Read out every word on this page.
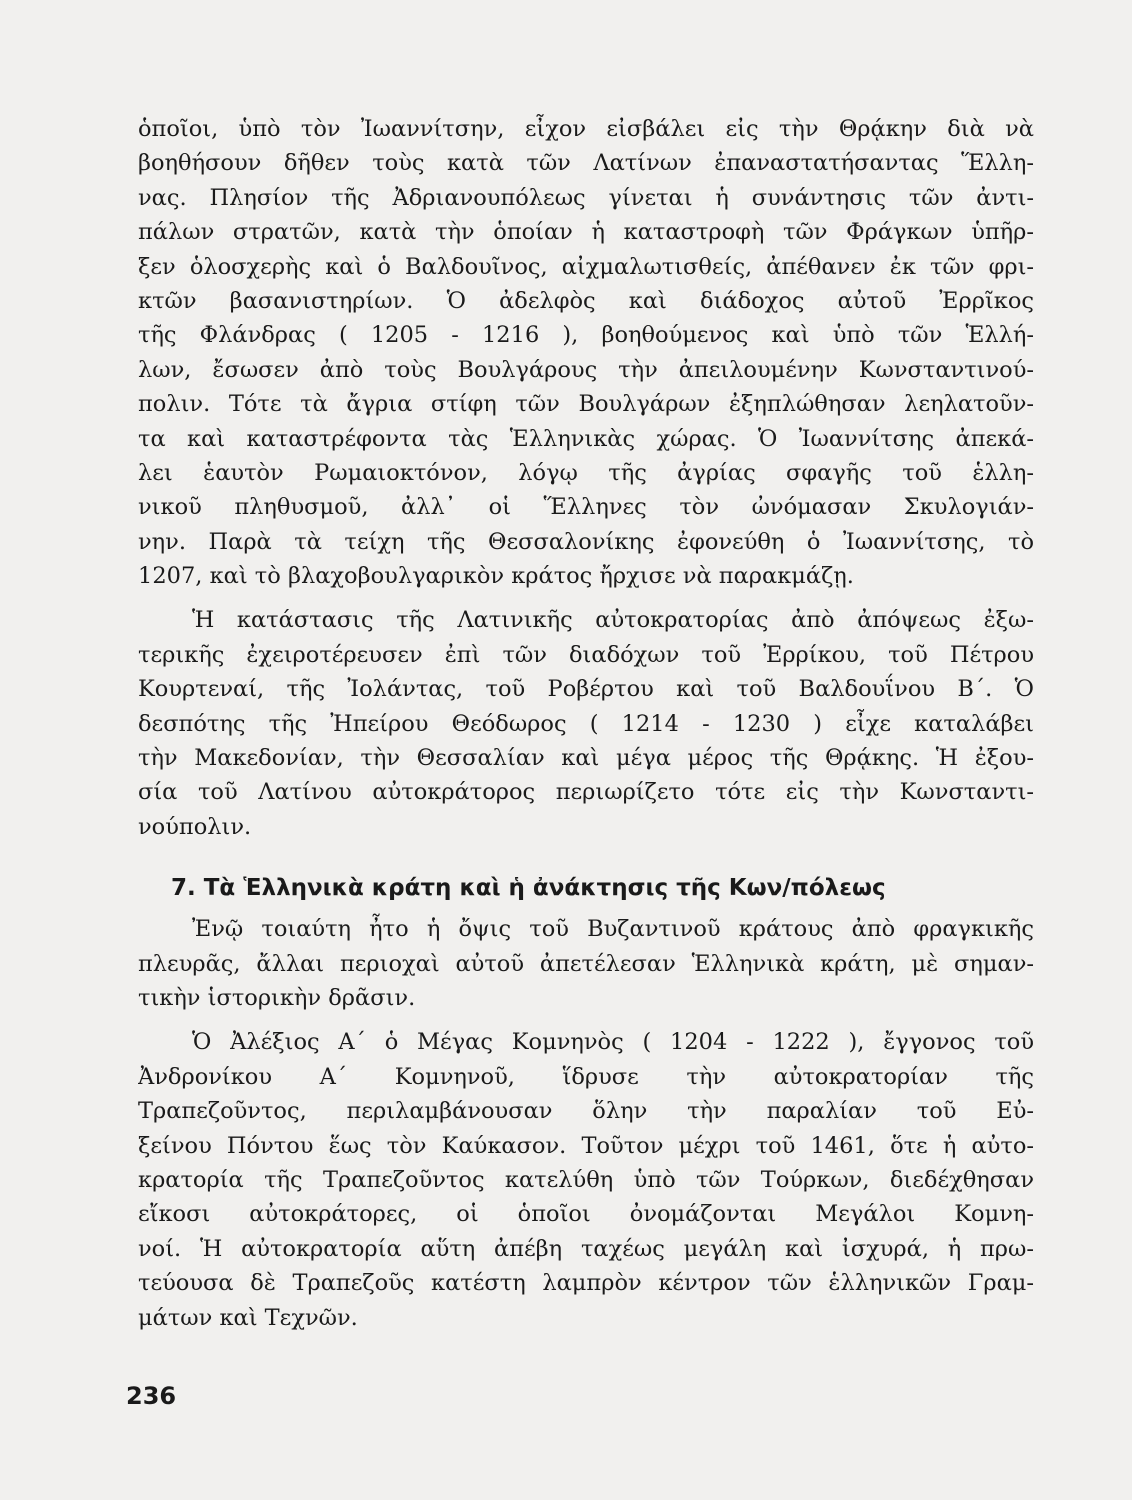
ὁποῖοι, ὑπὸ τὸν Ἰωαννίτσην, εἶχον εἰσβάλει εἰς τὴν Θρᾴκην διὰ νὰ
βοηθήσουν δῆθεν τοὺς κατὰ τῶν Λατίνων ἐπαναστατήσαντας Ἕλλη-
νας. Πλησίον τῆς Ἀδριανουπόλεως γίνεται ἡ συνάντησις τῶν ἀντι-
πάλων στρατῶν, κατὰ τὴν ὁποίαν ἡ καταστροφὴ τῶν Φράγκων ὑπῆρ-
ξεν ὁλοσχερὴς καὶ ὁ Βαλδουῖνος, αἰχμαλωτισθείς, ἀπέθανεν ἐκ τῶν φρι-
κτῶν βασανιστηρίων. Ὁ ἀδελφὸς καὶ διάδοχος αὐτοῦ Ἐρρῖκος
τῆς Φλάνδρας ( 1205 - 1216 ), βοηθούμενος καὶ ὑπὸ τῶν Ἑλλή-
λων, ἔσωσεν ἀπὸ τοὺς Βουλγάρους τὴν ἀπειλουμένην Κωνσταντινού-
πολιν. Τότε τὰ ἄγρια στίφη τῶν Βουλγάρων ἐξηπλώθησαν λεηλατοῦν-
τα καὶ καταστρέφοντα τὰς Ἑλληνικὰς χώρας. Ὁ Ἰωαννίτσης ἀπεκά-
λει ἑαυτὸν Ρωμαιοκτόνον, λόγῳ τῆς ἀγρίας σφαγῆς τοῦ ἑλλη-
νικοῦ πληθυσμοῦ, ἀλλ᾽ οἱ Ἕλληνες τὸν ὠνόμασαν Σκυλογιάν-
νην. Παρὰ τὰ τείχη τῆς Θεσσαλονίκης ἐφονεύθη ὁ Ἰωαννίτσης, τὸ
1207, καὶ τὸ βλαχοβουλγαρικὸν κράτος ἤρχισε νὰ παρακμάζῃ.
Ἡ κατάστασις τῆς Λατινικῆς αὐτοκρατορίας ἀπὸ ἀπόψεως ἐξω-
τερικῆς ἐχειροτέρευσεν ἐπὶ τῶν διαδόχων τοῦ Ἐρρίκου, τοῦ Πέτρου
Κουρτεναί, τῆς Ἰολάντας, τοῦ Ροβέρτου καὶ τοῦ Βαλδουΐνου Β΄. Ὁ
δεσπότης τῆς Ἠπείρου Θεόδωρος ( 1214 - 1230 ) εἶχε καταλάβει
τὴν Μακεδονίαν, τὴν Θεσσαλίαν καὶ μέγα μέρος τῆς Θρᾴκης. Ἡ ἐξου-
σία τοῦ Λατίνου αὐτοκράτορος περιωρίζετο τότε εἰς τὴν Κωνσταντι-
νούπολιν.
7. Τὰ Ἑλληνικὰ κράτη καὶ ἡ ἀνάκτησις τῆς Κων/πόλεως
Ἐνῷ τοιαύτη ἦτο ἡ ὄψις τοῦ Βυζαντινοῦ κράτους ἀπὸ φραγκικῆς
πλευρᾶς, ἄλλαι περιοχαὶ αὐτοῦ ἀπετέλεσαν Ἑλληνικὰ κράτη, μὲ σημαν-
τικὴν ἱστορικὴν δρᾶσιν.
Ὁ Ἀλέξιος Α΄ ὁ Μέγας Κομνηνὸς ( 1204 - 1222 ), ἔγγονος τοῦ
Ἀνδρονίκου Α΄ Κομνηνοῦ, ἵδρυσε τὴν αὐτοκρατορίαν τῆς
Τραπεζοῦντος, περιλαμβάνουσαν ὅλην τὴν παραλίαν τοῦ Εὐ-
ξείνου Πόντου ἕως τὸν Καύκασον. Τοῦτον μέχρι τοῦ 1461, ὅτε ἡ αὐτο-
κρατορία τῆς Τραπεζοῦντος κατελύθη ὑπὸ τῶν Τούρκων, διεδέχθησαν
εἴκοσι αὐτοκράτορες, οἱ ὁποῖοι ὀνομάζονται Μεγάλοι Κομνη-
νοί. Ἡ αὐτοκρατορία αὕτη ἀπέβη ταχέως μεγάλη καὶ ἰσχυρά, ἡ πρω-
τεύουσα δὲ Τραπεζοῦς κατέστη λαμπρὸν κέντρον τῶν ἑλληνικῶν Γραμ-
μάτων καὶ Τεχνῶν.
236
